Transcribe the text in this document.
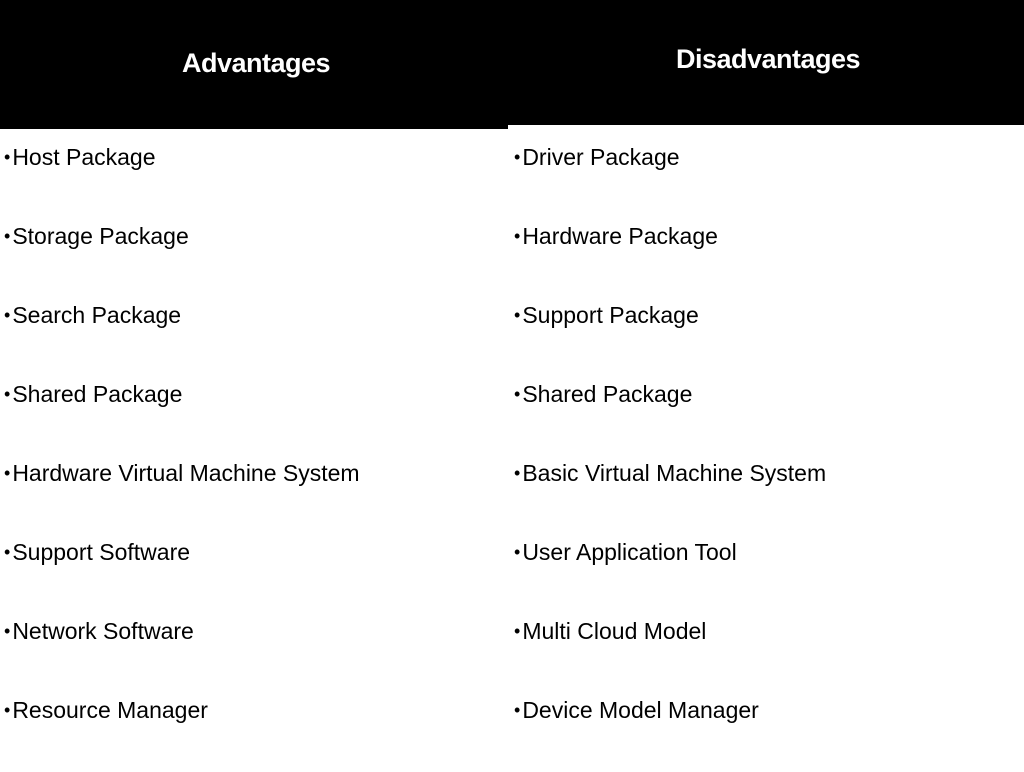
Advantages	Disadvantages
• Host Package
• Storage Package
• Search Package
• Shared Package
• Hardware Virtual Machine System
• Support Software
• Network Software
• Resource Manager
• Driver Package
• Hardware Package
• Support Package
• Shared Package
• Basic Virtual Machine System
• User Application Tool
• Multi Cloud Model
• Device Model Manager
